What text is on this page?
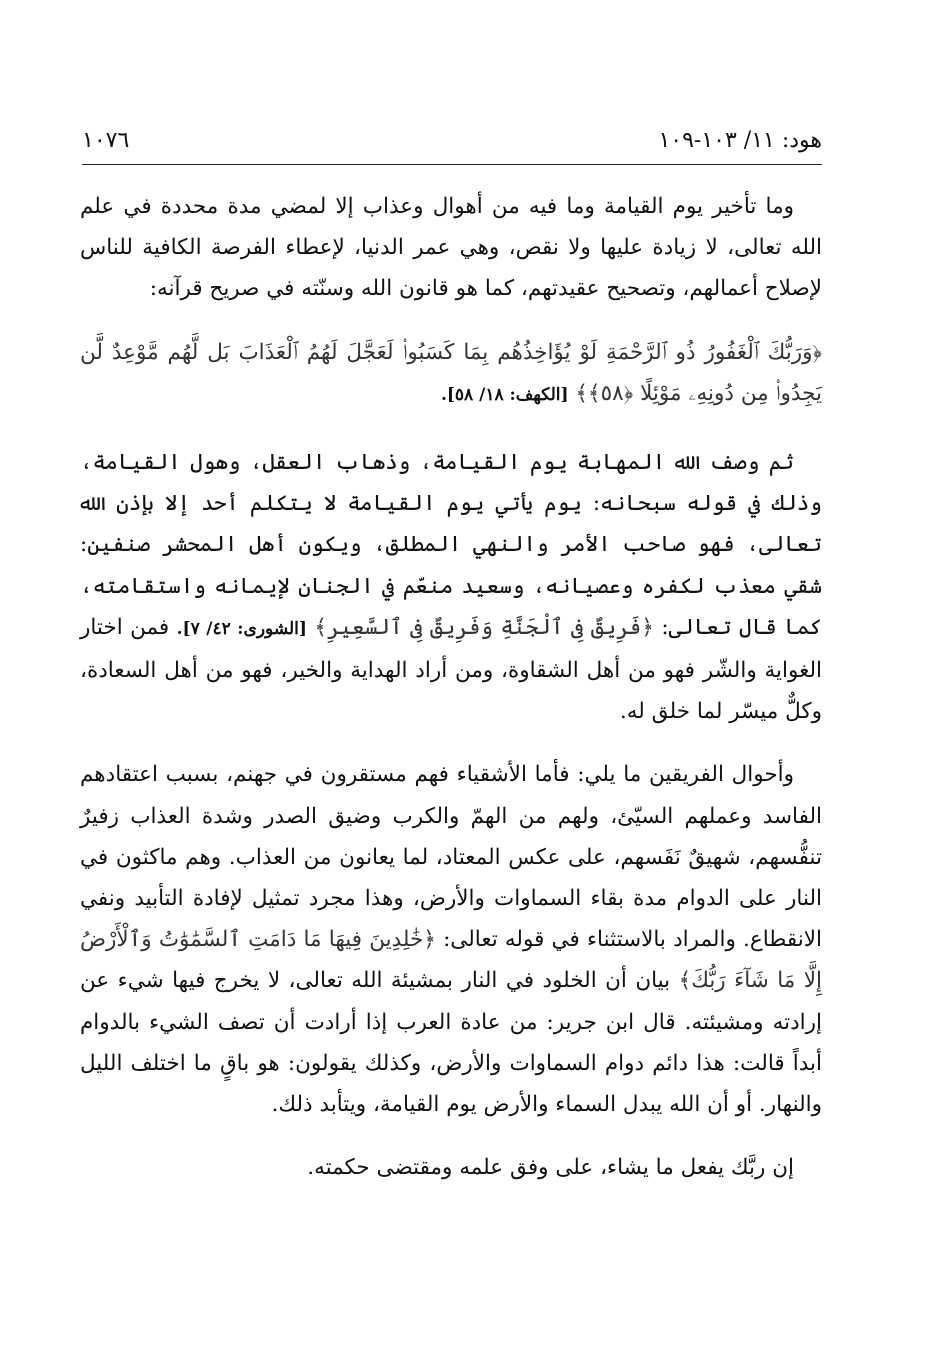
هود: ١١/ ١٠٣-١٠٩
١٠٧٦

وما تأخير يوم القيامة وما فيه من أهوال وعذاب إلا لمضي مدة محددة في علم الله تعالى، لا زيادة عليها ولا نقص، وهي عمر الدنيا، لإعطاء الفرصة الكافية للناس لإصلاح أعمالهم، وتصحيح عقيدتهم، كما هو قانون الله وسنّته في صريح قرآنه:

﴿وَرَبُّكَ ٱلْغَفُورُ ذُو ٱلرَّحْمَةِ لَوْ يُؤَاخِذُهُم بِمَا كَسَبُوا۟ لَعَجَّلَ لَهُمُ ٱلْعَذَابَ بَل لَّهُم مَّوْعِدٌ لَّن يَجِدُوا۟ مِن دُونِهِۦ مَوْئِلًا ﴿٥٨﴾﴾ [الكهف: ١٨/ ٥٨].

ثم وصف الله المهابة يوم القيامة، وذهاب العقل، وهول القيامة، وذلك في قوله سبحانه: يوم يأتي يوم القيامة لا يتكلم أحد إلا بإذن الله تعالى، فهو صاحب الأمر والنهي المطلق، ويكون أهل المحشر صنفين: شقي معذب لكفره وعصيانه، وسعيد منعّم في الجنان لإيمانه واستقامته، كما قال تعالى: ﴿فَرِيقٌ فِى ٱلْجَنَّةِ وَفَرِيقٌ فِى ٱلسَّعِيرِ﴾ [الشورى: ٤٢/ ٧]. فمن اختار الغواية والشّر فهو من أهل الشقاوة، ومن أراد الهداية والخير، فهو من أهل السعادة، وكلٌّ ميسّر لما خلق له.

وأحوال الفريقين ما يلي: فأما الأشقياء فهم مستقرون في جهنم، بسبب اعتقادهم الفاسد وعملهم السيّئ، ولهم من الهمّ والكرب وضيق الصدر وشدة العذاب زفيرٌ تنفُّسهم، شهيقٌ نَفَسهم، على عكس المعتاد، لما يعانون من العذاب. وهم ماكثون في النار على الدوام مدة بقاء السماوات والأرض، وهذا مجرد تمثيل لإفادة التأبيد ونفي الانقطاع. والمراد بالاستثناء في قوله تعالى: ﴿خَٰلِدِينَ فِيهَا مَا دَامَتِ ٱلسَّمَٰوَٰتُ وَٱلْأَرْضُ إِلَّا مَا شَآءَ رَبُّكَ﴾ بيان أن الخلود في النار بمشيئة الله تعالى، لا يخرج فيها شيء عن إرادته ومشيئته. قال ابن جرير: من عادة العرب إذا أرادت أن تصف الشيء بالدوام أبداً قالت: هذا دائم دوام السماوات والأرض، وكذلك يقولون: هو باقٍ ما اختلف الليل والنهار. أو أن الله يبدل السماء والأرض يوم القيامة، ويتأبد ذلك.

إن ربَّك يفعل ما يشاء، على وفق علمه ومقتضى حكمته.
